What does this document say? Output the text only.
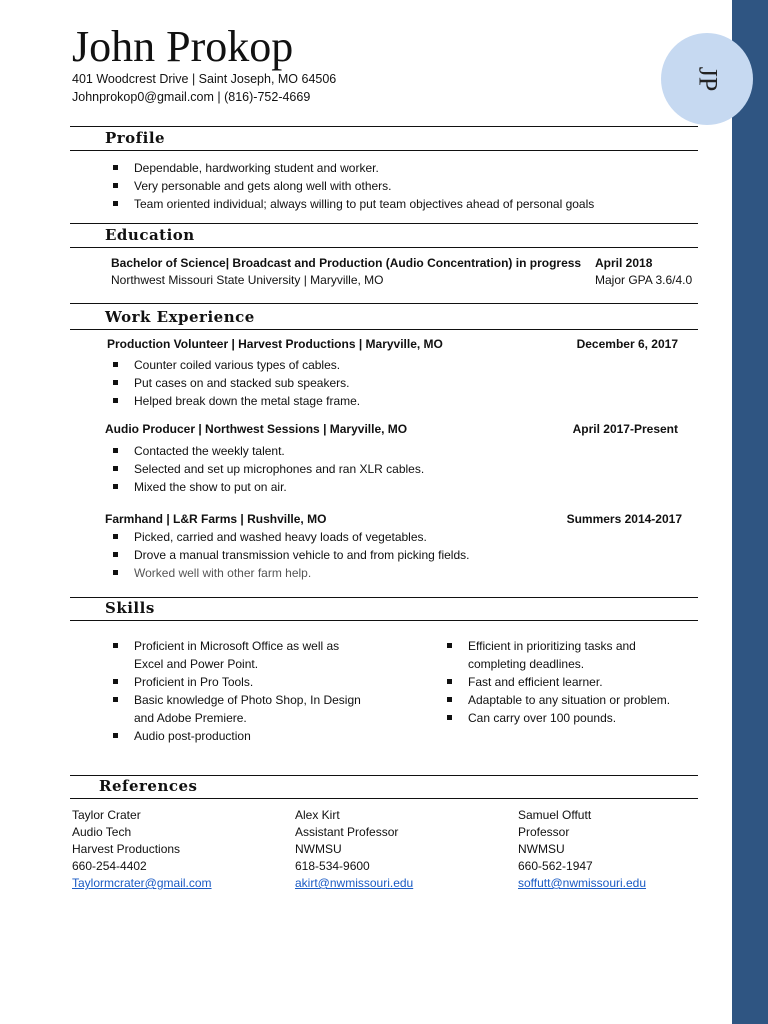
JP
John Prokop
401 Woodcrest Drive | Saint Joseph, MO 64506
Johnprokop0@gmail.com | (816)-752-4669
Profile
Dependable, hardworking student and worker.
Very personable and gets along well with others.
Team oriented individual; always willing to put team objectives ahead of personal goals
Education
Bachelor of Science| Broadcast and Production (Audio Concentration) in progress April 2018
Northwest Missouri State University | Maryville, MO	Major GPA 3.6/4.0
Work Experience
Production Volunteer | Harvest Productions | Maryville, MO	December 6, 2017
Counter coiled various types of cables.
Put cases on and stacked sub speakers.
Helped break down the metal stage frame.
Audio Producer | Northwest Sessions | Maryville, MO	April 2017-Present
Contacted the weekly talent.
Selected and set up microphones and ran XLR cables.
Mixed the show to put on air.
Farmhand | L&R Farms | Rushville, MO	Summers 2014-2017
Picked, carried and washed heavy loads of vegetables.
Drove a manual transmission vehicle to and from picking fields.
Worked well with other farm help.
Skills
Proficient in Microsoft Office as well as Excel and Power Point.
Proficient in Pro Tools.
Basic knowledge of Photo Shop, In Design and Adobe Premiere.
Audio post-production
Efficient in prioritizing tasks and completing deadlines.
Fast and efficient learner.
Adaptable to any situation or problem.
Can carry over 100 pounds.
References
Taylor Crater
Audio Tech
Harvest Productions
660-254-4402
Taylormcrater@gmail.com
Alex Kirt
Assistant Professor
NWMSU
618-534-9600
akirt@nwmissouri.edu
Samuel Offutt
Professor
NWMSU
660-562-1947
soffutt@nwmissouri.edu
